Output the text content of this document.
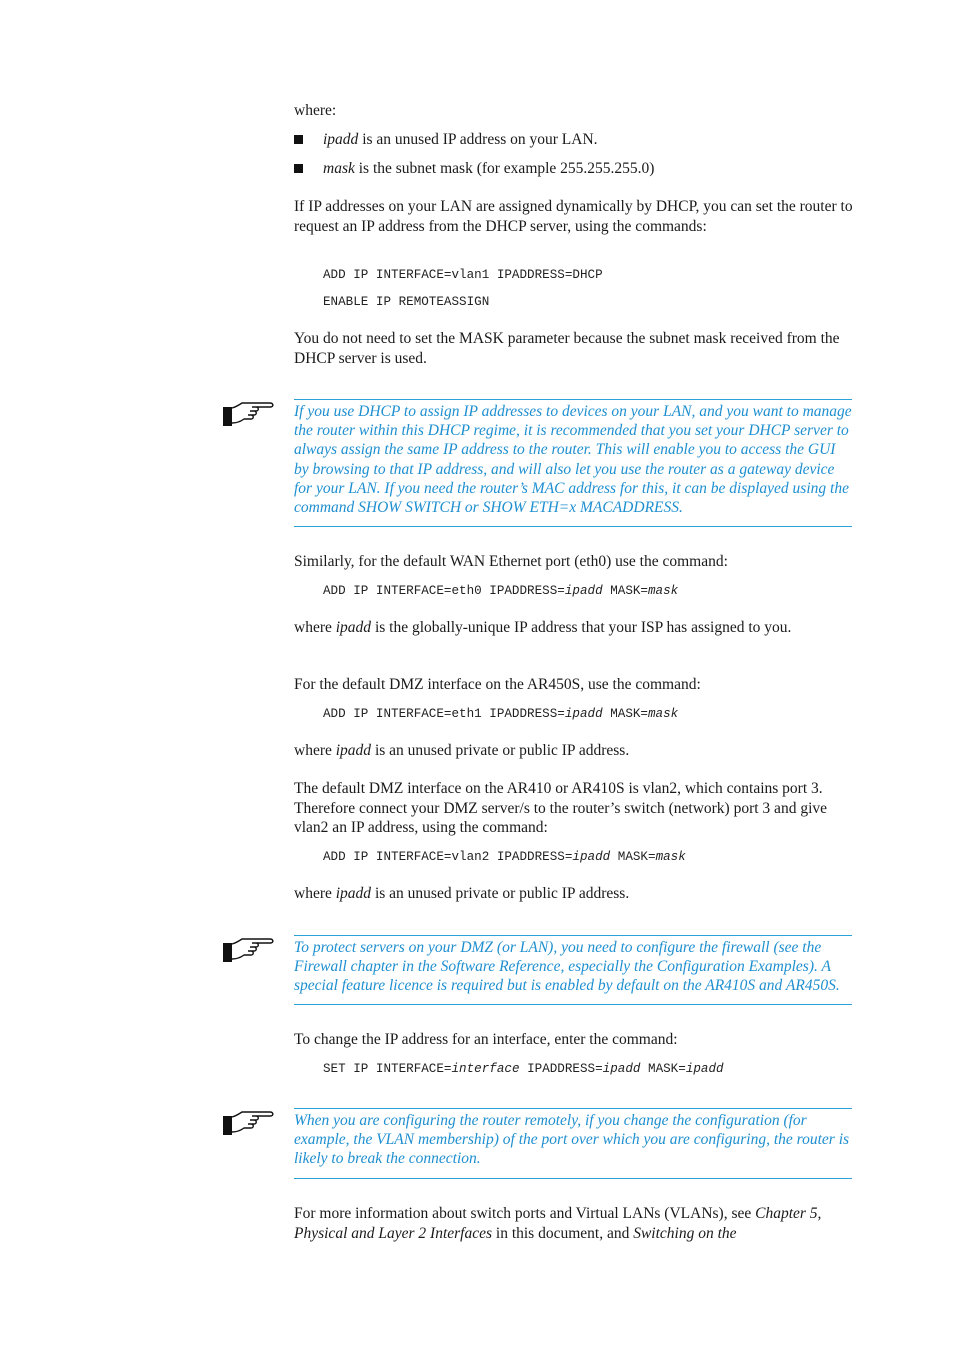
where:
ipadd is an unused IP address on your LAN.
mask is the subnet mask (for example 255.255.255.0)
If IP addresses on your LAN are assigned dynamically by DHCP, you can set the router to request an IP address from the DHCP server, using the commands:
ADD IP INTERFACE=vlan1 IPADDRESS=DHCP
ENABLE IP REMOTEASSIGN
You do not need to set the MASK parameter because the subnet mask received from the DHCP server is used.
If you use DHCP to assign IP addresses to devices on your LAN, and you want to manage the router within this DHCP regime, it is recommended that you set your DHCP server to always assign the same IP address to the router. This will enable you to access the GUI by browsing to that IP address, and will also let you use the router as a gateway device for your LAN. If you need the router’s MAC address for this, it can be displayed using the command SHOW SWITCH or SHOW ETH=x MACADDRESS.
Similarly, for the default WAN Ethernet port (eth0) use the command:
ADD IP INTERFACE=eth0 IPADDRESS=ipadd MASK=mask
where ipadd is the globally-unique IP address that your ISP has assigned to you.
For the default DMZ interface on the AR450S, use the command:
ADD IP INTERFACE=eth1 IPADDRESS=ipadd MASK=mask
where ipadd is an unused private or public IP address.
The default DMZ interface on the AR410 or AR410S is vlan2, which contains port 3. Therefore connect your DMZ server/s to the router’s switch (network) port 3 and give vlan2 an IP address, using the command:
ADD IP INTERFACE=vlan2 IPADDRESS=ipadd MASK=mask
where ipadd is an unused private or public IP address.
To protect servers on your DMZ (or LAN), you need to configure the firewall (see the Firewall chapter in the Software Reference, especially the Configuration Examples). A special feature licence is required but is enabled by default on the AR410S and AR450S.
To change the IP address for an interface, enter the command:
SET IP INTERFACE=interface IPADDRESS=ipadd MASK=ipadd
When you are configuring the router remotely, if you change the configuration (for example, the VLAN membership) of the port over which you are configuring, the router is likely to break the connection.
For more information about switch ports and Virtual LANs (VLANs), see Chapter 5, Physical and Layer 2 Interfaces in this document, and Switching on the
